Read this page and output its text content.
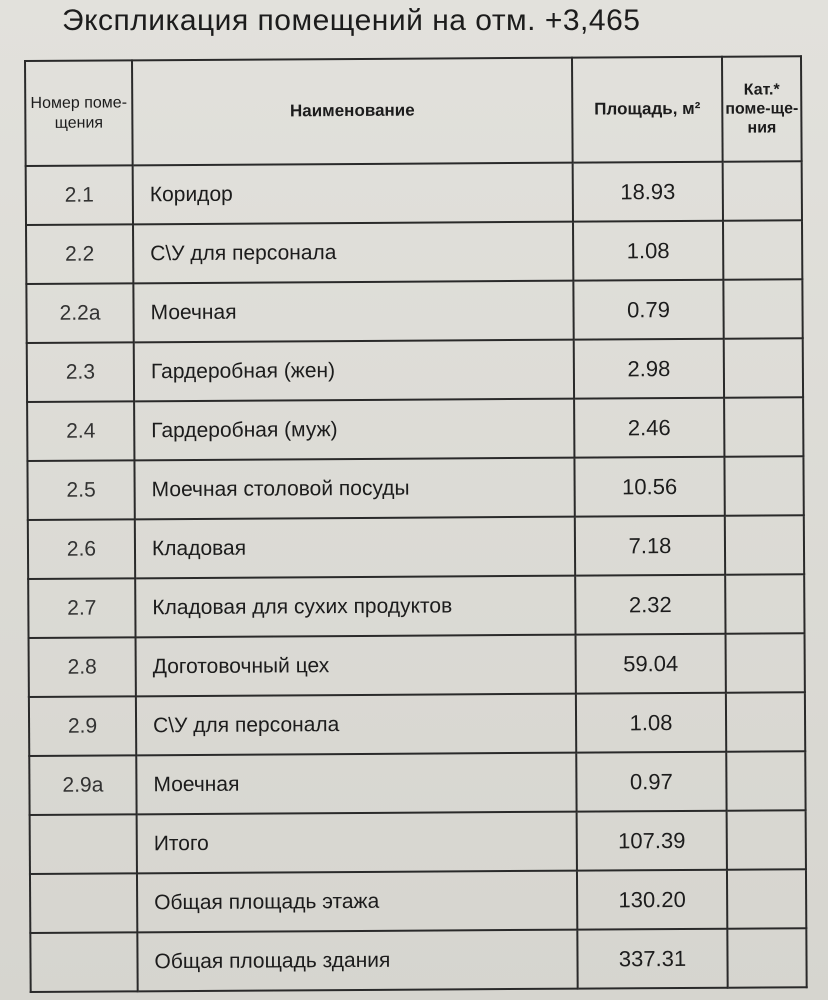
Экспликация помещений на отм. +3,465
Номер поме-щения	Наименование	Площадь, м²	Кат.* поме-ще-ния
2.1	Коридор	18.93	
2.2	С\У для персонала	1.08	
2.2а	Моечная	0.79	
2.3	Гардеробная (жен)	2.98	
2.4	Гардеробная (муж)	2.46	
2.5	Моечная столовой посуды	10.56	
2.6	Кладовая	7.18	
2.7	Кладовая для сухих продуктов	2.32	
2.8	Доготовочный цех	59.04	
2.9	С\У для персонала	1.08	
2.9а	Моечная	0.97	
	Итого	107.39	
	Общая площадь этажа	130.20	
	Общая площадь здания	337.31	
